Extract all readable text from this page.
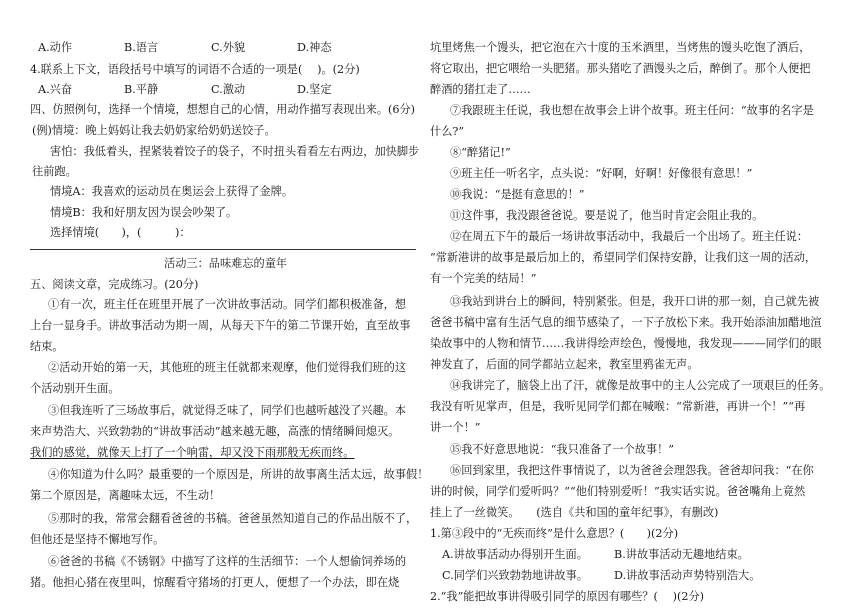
A.动作	B.语言	C.外貌	D.神态
4.联系上下文，语段括号中填写的词语不合适的一项是(　 )。(2分)
A.兴奋	B.平静	C.激动	D.坚定
四、仿照例句，选择一个情境，想想自己的心情，用动作描写表现出来。(6分)
(例)情境：晚上妈妈让我去奶奶家给奶奶送饺子。
害怕：我低着头，捏紧装着饺子的袋子，不时扭头看看左右两边，加快脚步
往前跑。
情境A：我喜欢的运动员在奥运会上获得了金牌。
情境B：我和好朋友因为误会吵架了。
选择情境(　　)，(　　　)：
活动三：品味难忘的童年
五、阅读文章，完成练习。(20分)
①有一次，班主任在班里开展了一次讲故事活动。同学们都积极准备，想
上台一显身手。讲故事活动为期一周，从每天下午的第二节课开始，直至故事
结束。
②活动开始的第一天，其他班的班主任就都来观摩，他们觉得我们班的这
个活动别开生面。
③但我连听了三场故事后，就觉得乏味了，同学们也越听越没了兴趣。本
来声势浩大、兴致勃勃的“讲故事活动”越来越无趣，高涨的情绪瞬间熄灭。
我们的感觉，就像天上打了一个响雷，却又没下雨那般无疾而终。
④你知道为什么吗？最重要的一个原因是，所讲的故事离生活太远，故事假！
第二个原因是，离趣味太远，不生动！
⑤那时的我，常常会翻看爸爸的书稿。爸爸虽然知道自己的作品出版不了，
但他还是坚持不懈地写作。
⑥爸爸的书稿《不锈钢》中描写了这样的生活细节：一个人想偷饲养场的
猪。他担心猪在夜里叫，惊醒看守猪场的打更人，便想了一个办法，即在烧
坑里烤焦一个馒头，把它泡在六十度的玉米酒里，当烤焦的馒头吃饱了酒后，
将它取出，把它喂给一头肥猪。那头猪吃了酒馒头之后，醉倒了。那个人便把
醉酒的猪扛走了……
⑦我跟班主任说，我也想在故事会上讲个故事。班主任问：“故事的名字是
什么?”
⑧“醉猪记!”
⑨班主任一听名字，点头说：“好啊，好啊！好像很有意思！”
⑩我说：“是挺有意思的！”
⑪这件事，我没跟爸爸说。要是说了，他当时肯定会阻止我的。
⑫在周五下午的最后一场讲故事活动中，我最后一个出场了。班主任说：
“常新港讲的故事是最后加上的，希望同学们保持安静，让我们这一周的活动，
有一个完美的结局！”
⑬我站到讲台上的瞬间，特别紧张。但是，我开口讲的那一刻，自己就先被
爸爸书稿中富有生活气息的细节感染了，一下子放松下来。我开始添油加醋地渲
染故事中的人物和情节……我讲得绘声绘色，慢慢地，我发现———同学们的眼
神发直了，后面的同学都站立起来，教室里鸦雀无声。
⑭我讲完了，脑袋上出了汗，就像是故事中的主人公完成了一项艰巨的任务。
我没有听见掌声，但是，我听见同学们都在喊喉：“常新港，再讲一个！”“再
讲一个！”
⑮我不好意思地说：“我只准备了一个故事！”
⑯回到家里，我把这件事情说了，以为爸爸会理怨我。爸爸却问我：“在你
讲的时候，同学们爱听吗？”“他们特别爱听！”我实话实说。爸爸嘴角上竟然
挂上了一丝微笑。　　(选自《共和国的童年纪事》，有删改)
1.第③段中的“无疾而终”是什么意思？(　　)(2分)
A.讲故事活动办得别开生面。 B.讲故事活动无趣地结束。
C.同学们兴致勃勃地讲故事。 D.讲故事活动声势特别浩大。
2.“我”能把故事讲得吸引同学的原因有哪些？(　 )(2分)
